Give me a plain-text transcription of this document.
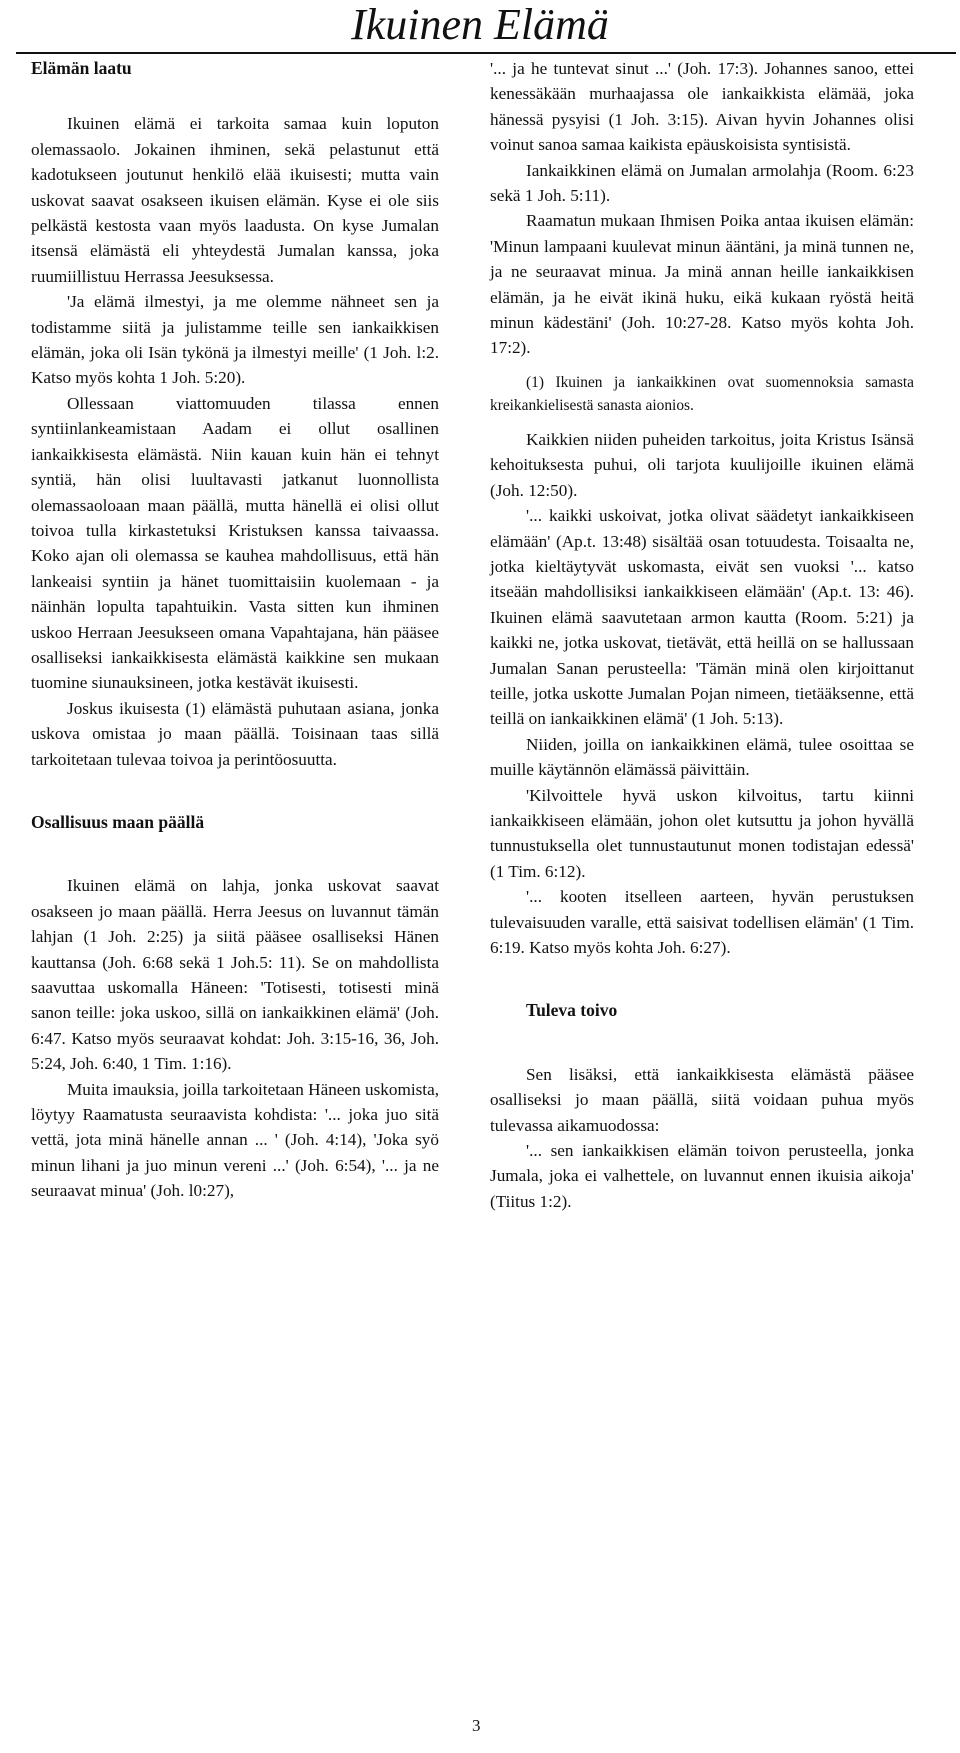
Ikuinen Elämä
Elämän laatu

Ikuinen elämä ei tarkoita samaa kuin loputon olemassaolo. Jokainen ihminen, sekä pelastunut että kadotukseen joutunut henkilö elää ikuisesti; mutta vain uskovat saavat osakseen ikuisen elämän. Kyse ei ole siis pelkästä kestosta vaan myös laadusta. On kyse Jumalan itsensä elämästä eli yhteydestä Jumalan kanssa, joka ruumiillistuu Herrassa Jeesuksessa.

'Ja elämä ilmestyi, ja me olemme nähneet sen ja todistamme siitä ja julistamme teille sen iankaikkisen elämän, joka oli Isän tykönä ja ilmestyi meille' (1 Joh. l:2. Katso myös kohta 1 Joh. 5:20).

Ollessaan viattomuuden tilassa ennen syntiinlankeamistaan Aadam ei ollut osallinen iankaikkisesta elämästä. Niin kauan kuin hän ei tehnyt syntiä, hän olisi luultavasti jatkanut luonnollista olemassaoloaan maan päällä, mutta hänellä ei olisi ollut toivoa tulla kirkastetuksi Kristuksen kanssa taivaassa. Koko ajan oli olemassa se kauhea mahdollisuus, että hän lankeaisi syntiin ja hänet tuomittaisiin kuolemaan - ja näinhän lopulta tapahtuikin. Vasta sitten kun ihminen uskoo Herraan Jeesukseen omana Vapahtajana, hän pääsee osalliseksi iankaikkisesta elämästä kaikkine sen mukaan tuomine siunauksineen, jotka kestävät ikuisesti.

Joskus ikuisesta (1) elämästä puhutaan asiana, jonka uskova omistaa jo maan päällä. Toisinaan taas sillä tarkoitetaan tulevaa toivoa ja perintöosuutta.

Osallisuus maan päällä

Ikuinen elämä on lahja, jonka uskovat saavat osakseen jo maan päällä. Herra Jeesus on luvannut tämän lahjan (1 Joh. 2:25) ja siitä pääsee osalliseksi Hänen kauttansa (Joh. 6:68 sekä 1 Joh.5: 11). Se on mahdollista saavuttaa uskomalla Häneen: 'Totisesti, totisesti minä sanon teille: joka uskoo, sillä on iankaikkinen elämä' (Joh. 6:47. Katso myös seuraavat kohdat: Joh. 3:15-16, 36, Joh. 5:24, Joh. 6:40, 1 Tim. 1:16).

Muita imauksia, joilla tarkoitetaan Häneen uskomista, löytyy Raamatusta seuraavista kohdista: '... joka juo sitä vettä, jota minä hänelle annan ... ' (Joh. 4:14), 'Joka syö minun lihani ja juo minun vereni ...' (Joh. 6:54), '... ja ne seuraavat minua' (Joh. l0:27),

'... ja he tuntevat sinut ...' (Joh. 17:3). Johannes sanoo, ettei kenessäkään murhaajassa ole iankaikkista elämää, joka hänessä pysyisi (1 Joh. 3:15). Aivan hyvin Johannes olisi voinut sanoa samaa kaikista epäuskoisista syntisistä.

Iankaikkinen elämä on Jumalan armolahja (Room. 6:23 sekä 1 Joh. 5:11).

Raamatun mukaan Ihmisen Poika antaa ikuisen elämän: 'Minun lampaani kuulevat minun ääntäni, ja minä tunnen ne, ja ne seuraavat minua. Ja minä annan heille iankaikkisen elämän, ja he eivät ikinä huku, eikä kukaan ryöstä heitä minun kädestäni' (Joh. 10:27-28. Katso myös kohta Joh. 17:2).

(1) Ikuinen ja iankaikkinen ovat suomennoksia samasta kreikankielisestä sanasta aionios.

Kaikkien niiden puheiden tarkoitus, joita Kristus Isänsä kehoituksesta puhui, oli tarjota kuulijoille ikuinen elämä (Joh. 12:50).

'... kaikki uskoivat, jotka olivat säädetyt iankaikkiseen elämään' (Ap.t. 13:48) sisältää osan totuudesta. Toisaalta ne, jotka kieltäytyvät uskomasta, eivät sen vuoksi '... katso itseään mahdollisiksi iankaikkiseen elämään' (Ap.t. 13: 46). Ikuinen elämä saavutetaan armon kautta (Room. 5:21) ja kaikki ne, jotka uskovat, tietävät, että heillä on se hallussaan Jumalan Sanan perusteella: 'Tämän minä olen kirjoittanut teille, jotka uskotte Jumalan Pojan nimeen, tietääksenne, että teillä on iankaikkinen elämä' (1 Joh. 5:13).

Niiden, joilla on iankaikkinen elämä, tulee osoittaa se muille käytännön elämässä päivittäin.

'Kilvoittele hyvä uskon kilvoitus, tartu kiinni iankaikkiseen elämään, johon olet kutsuttu ja johon hyvällä tunnustuksella olet tunnustautunut monen todistajan edessä' (1 Tim. 6:12).

'... kooten itselleen aarteen, hyvän perustuksen tulevaisuuden varalle, että saisivat todellisen elämän' (1 Tim. 6:19. Katso myös kohta Joh. 6:27).

Tuleva toivo

Sen lisäksi, että iankaikkisesta elämästä pääsee osalliseksi jo maan päällä, siitä voidaan puhua myös tulevassa aikamuodossa:

'... sen iankaikkisen elämän toivon perusteella, jonka Jumala, joka ei valhettele, on luvannut ennen ikuisia aikoja' (Tiitus 1:2).

3
